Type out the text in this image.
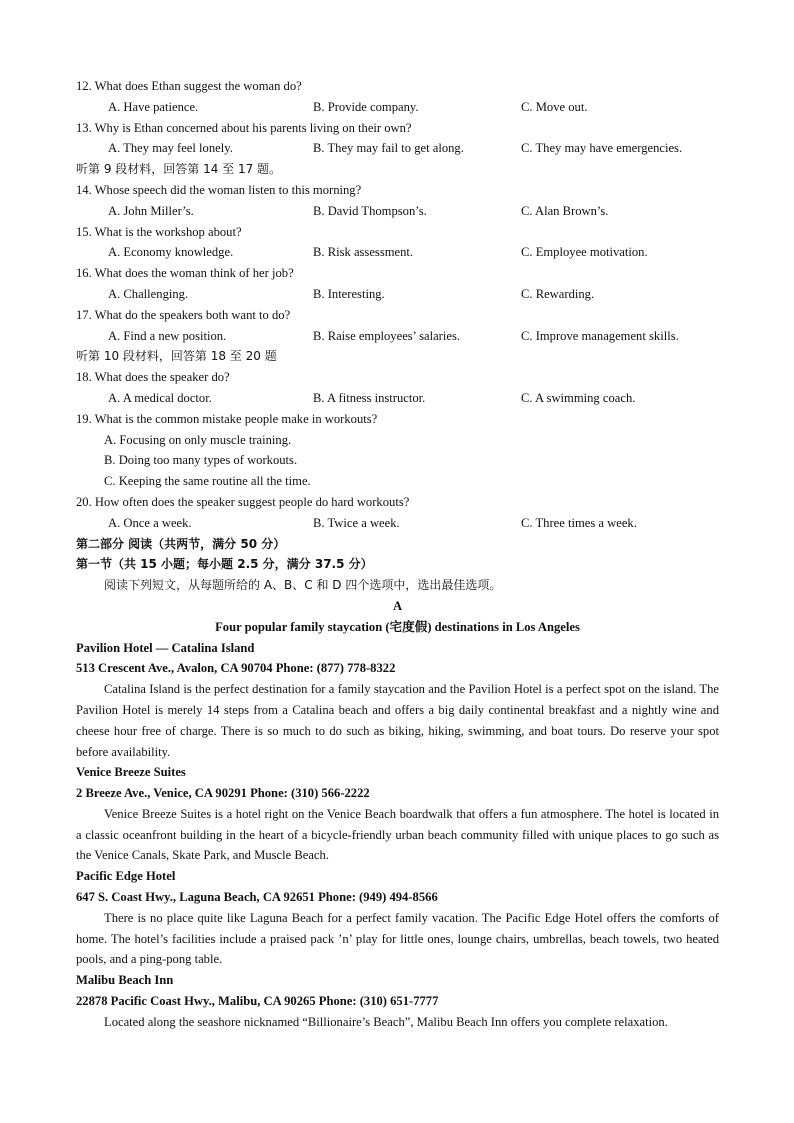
12. What does Ethan suggest the woman do?
A. Have patience.	B. Provide company.	C. Move out.
13. Why is Ethan concerned about his parents living on their own?
A. They may feel lonely.	B. They may fail to get along.	C. They may have emergencies.
听第 9 段材料，回答第 14 至 17 题。
14. Whose speech did the woman listen to this morning?
A. John Miller’s.	B. David Thompson’s.	C. Alan Brown’s.
15. What is the workshop about?
A. Economy knowledge.	B. Risk assessment.	C. Employee motivation.
16. What does the woman think of her job?
A. Challenging.	B. Interesting.	C. Rewarding.
17. What do the speakers both want to do?
A. Find a new position.	B. Raise employees’ salaries.	C. Improve management skills.
听第 10 段材料，回答第 18 至 20 题
18. What does the speaker do?
A. A medical doctor.	B. A fitness instructor.	C. A swimming coach.
19. What is the common mistake people make in workouts?
A. Focusing on only muscle training.
B. Doing too many types of workouts.
C. Keeping the same routine all the time.
20. How often does the speaker suggest people do hard workouts?
A. Once a week.	B. Twice a week.	C. Three times a week.
第二部分 阅读（共两节，满分 50 分）
第一节（共 15 小题；每小题 2.5 分，满分 37.5 分）
阅读下列短文，从每题所给的 A、B、C 和 D 四个选项中，选出最佳选项。
A
Four popular family staycation (宅度假) destinations in Los Angeles
Pavilion Hotel — Catalina Island
513 Crescent Ave., Avalon, CA 90704 Phone: (877) 778-8322

Catalina Island is the perfect destination for a family staycation and the Pavilion Hotel is a perfect spot on the island. The Pavilion Hotel is merely 14 steps from a Catalina beach and offers a big daily continental breakfast and a nightly wine and cheese hour free of charge. There is so much to do such as biking, hiking, swimming, and boat tours. Do reserve your spot before availability.

Venice Breeze Suites
2 Breeze Ave., Venice, CA 90291 Phone: (310) 566-2222

Venice Breeze Suites is a hotel right on the Venice Beach boardwalk that offers a fun atmosphere. The hotel is located in a classic oceanfront building in the heart of a bicycle-friendly urban beach community filled with unique places to go such as the Venice Canals, Skate Park, and Muscle Beach.

Pacific Edge Hotel
647 S. Coast Hwy., Laguna Beach, CA 92651 Phone: (949) 494-8566

There is no place quite like Laguna Beach for a perfect family vacation. The Pacific Edge Hotel offers the comforts of home. The hotel’s facilities include a praised pack ’n’ play for little ones, lounge chairs, umbrellas, beach towels, two heated pools, and a ping-pong table.

Malibu Beach Inn
22878 Pacific Coast Hwy., Malibu, CA 90265 Phone: (310) 651-7777

Located along the seashore nicknamed “Billionaire’s Beach”, Malibu Beach Inn offers you complete relaxation.
